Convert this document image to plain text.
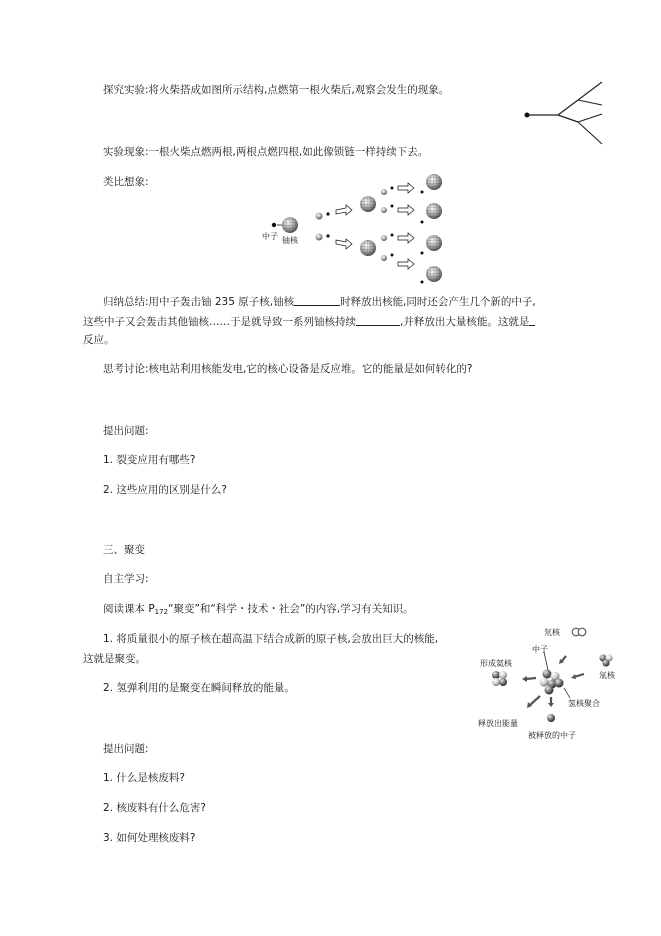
探究实验:将火柴搭成如图所示结构,点燃第一根火柴后,观察会发生的现象。
实验现象:一根火柴点燃两根,两根点燃四根,如此像锁链一样持续下去。
类比想象:
中子 铀核
归纳总结:用中子轰击铀 235 原子核,铀核	时释放出核能,同时还会产生几个新的中子,
这些中子又会轰击其他铀核……于是就导致一系列铀核持续	,并释放出大量核能。这就是
反应。
思考讨论:核电站利用核能发电,它的核心设备是反应堆。它的能量是如何转化的?
提出问题:
1. 裂变应用有哪些?
2. 这些应用的区别是什么?
三、聚变
自主学习:
阅读课本 $P_{172}“$聚变”和“科学・技术・社会”的内容,学习有关知识。
1. 将质量很小的原子核在超高温下结合成新的原子核,会放出巨大的核能,
这就是聚变。
2. 氢弹利用的是聚变在瞬间释放的能量。
氘核
中子
氚核
形成氦核
氢核聚合
释放出能量
被释放的中子
提出问题:
1. 什么是核废料?
2. 核废料有什么危害?
3. 如何处理核废料?
